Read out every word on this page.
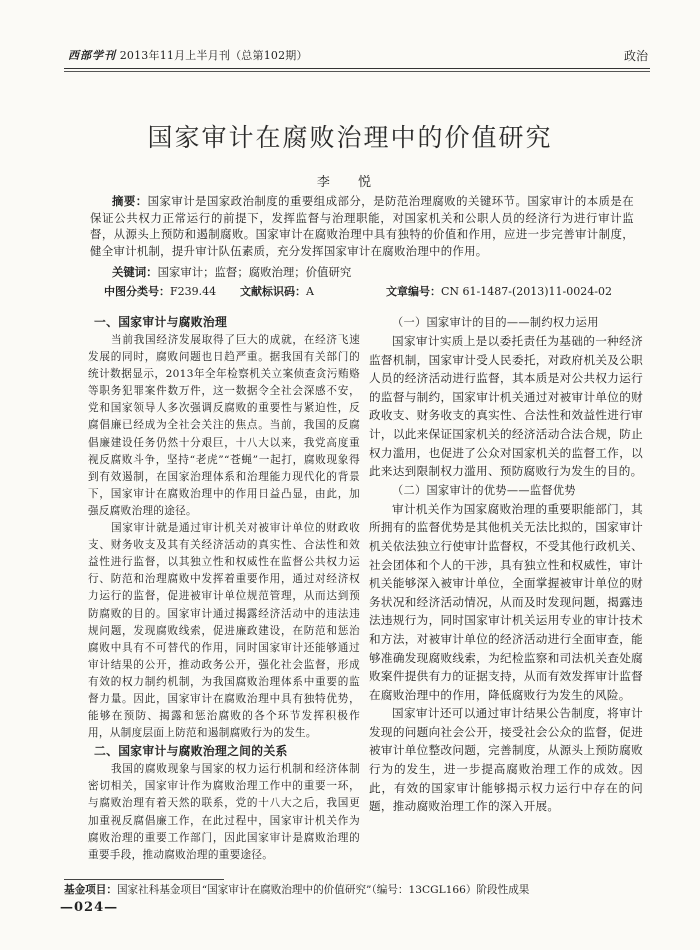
西部学刊 2013年11月上半月刊（总第102期）	政治
国家审计在腐败治理中的价值研究
李 悦
摘要：国家审计是国家政治制度的重要组成部分，是防范治理腐败的关键环节。国家审计的本质是在保证公共权力正常运行的前提下，发挥监督与治理职能，对国家机关和公职人员的经济行为进行审计监督，从源头上预防和遏制腐败。国家审计在腐败治理中具有独特的价值和作用，应进一步完善审计制度，健全审计机制，提升审计队伍素质，充分发挥国家审计在腐败治理中的作用。
关键词：国家审计；监督；腐败治理；价值研究
中图分类号：F239.44 文献标识码：A	文章编号：CN 61-1487-(2013)11-0024-02
一、国家审计与腐败治理

当前我国经济发展取得了巨大的成就，在经济飞速发展的同时，腐败问题也日趋严重。据我国有关部门的统计数据显示，2013年全年检察机关立案侦查贪污贿赂等职务犯罪案件数万件，这一数据令全社会深感不安，党和国家领导人多次强调反腐败的重要性与紧迫性，反腐倡廉已经成为全社会关注的焦点。当前，我国的反腐倡廉建设任务仍然十分艰巨，十八大以来，我党高度重视反腐败斗争，坚持“老虎”“苍蝇”一起打，腐败现象得到有效遏制，在国家治理体系和治理能力现代化的背景下，国家审计在腐败治理中的作用日益凸显，由此，加强反腐败治理的途径。

国家审计就是通过审计机关对被审计单位的财政收支、财务收支及其有关经济活动的真实性、合法性和效益性进行监督，以其独立性和权威性在监督公共权力运行、防范和治理腐败中发挥着重要作用，通过对经济权力运行的监督，促进被审计单位规范管理，从而达到预防腐败的目的。国家审计通过揭露经济活动中的违法违规问题，发现腐败线索，促进廉政建设，在防范和惩治腐败中具有不可替代的作用，同时国家审计还能够通过审计结果的公开，推动政务公开，强化社会监督，形成有效的权力制约机制，为我国腐败治理体系中重要的监督力量。因此，国家审计在腐败治理中具有独特优势，能够在预防、揭露和惩治腐败的各个环节发挥积极作用，从制度层面上防范和遏制腐败行为的发生。

二、国家审计与腐败治理之间的关系

我国的腐败现象与国家的权力运行机制和经济体制密切相关，国家审计作为腐败治理工作中的重要一环，与腐败治理有着天然的联系，党的十八大之后，我国更加重视反腐倡廉工作，在此过程中，国家审计机关作为腐败治理的重要工作部门，因此国家审计是腐败治理的重要手段，推动腐败治理的重要途径。

（一）国家审计的目的——制约权力运用

国家审计实质上是以委托责任为基础的一种经济监督机制，国家审计受人民委托，对政府机关及公职人员的经济活动进行监督，其本质是对公共权力运行的监督与制约，国家审计机关通过对被审计单位的财政收支、财务收支的真实性、合法性和效益性进行审计，以此来保证国家机关的经济活动合法合规，防止权力滥用，也促进了公众对国家机关的监督工作，以此来达到限制权力滥用、预防腐败行为发生的目的。

（二）国家审计的优势——监督优势

审计机关作为国家腐败治理的重要职能部门，其所拥有的监督优势是其他机关无法比拟的，国家审计机关依法独立行使审计监督权，不受其他行政机关、社会团体和个人的干涉，具有独立性和权威性，审计机关能够深入被审计单位，全面掌握被审计单位的财务状况和经济活动情况，从而及时发现问题，揭露违法违规行为，同时国家审计机关运用专业的审计技术和方法，对被审计单位的经济活动进行全面审查，能够准确发现腐败线索，为纪检监察和司法机关查处腐败案件提供有力的证据支持，从而有效发挥审计监督在腐败治理中的作用，降低腐败行为发生的风险。

国家审计还可以通过审计结果公告制度，将审计发现的问题向社会公开，接受社会公众的监督，促进被审计单位整改问题，完善制度，从源头上预防腐败行为的发生，进一步提高腐败治理工作的成效。因此，有效的国家审计能够揭示权力运行中存在的问题，推动腐败治理工作的深入开展。

基金项目：国家社科基金项目“国家审计在腐败治理中的价值研究”（编号：13CGL166）阶段性成果
—024—
